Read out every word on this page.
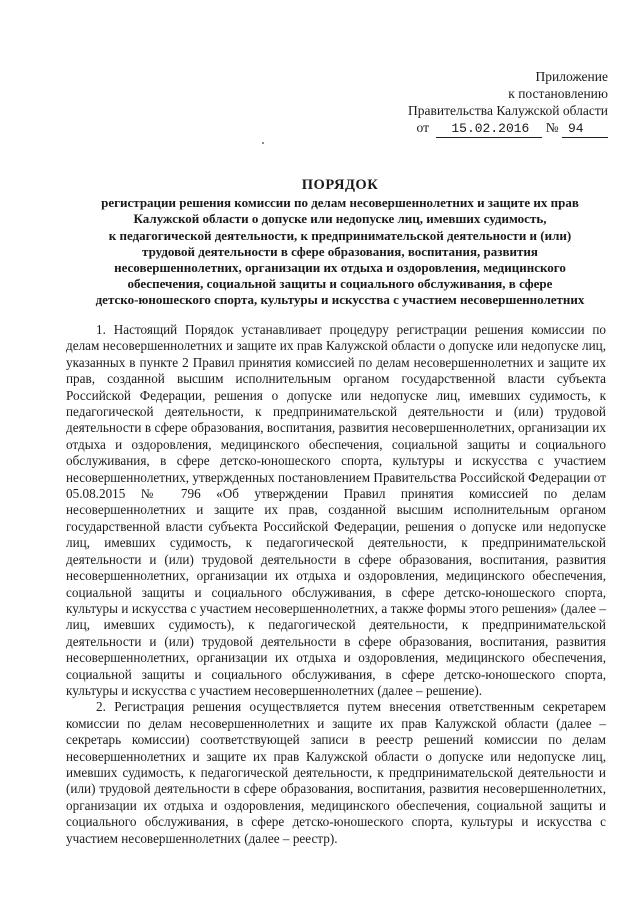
Приложение
к постановлению
Правительства Калужской области
от 15.02.2016 № 94
ПОРЯДОК
регистрации решения комиссии по делам несовершеннолетних и защите их прав
Калужской области о допуске или недопуске лиц, имевших судимость,
к педагогической деятельности, к предпринимательской деятельности и (или)
трудовой деятельности в сфере образования, воспитания, развития
несовершеннолетних, организации их отдыха и оздоровления, медицинского
обеспечения, социальной защиты и социального обслуживания, в сфере
детско-юношеского спорта, культуры и искусства с участием несовершеннолетних

1. Настоящий Порядок устанавливает процедуру регистрации решения комиссии по делам несовершеннолетних и защите их прав Калужской области о допуске или недопуске лиц, указанных в пункте 2 Правил принятия комиссией по делам несовершеннолетних и защите их прав, созданной высшим исполнительным органом государственной власти субъекта Российской Федерации, решения о допуске или недопуске лиц, имевших судимость, к педагогической деятельности, к предпринимательской деятельности и (или) трудовой деятельности в сфере образования, воспитания, развития несовершеннолетних, организации их отдыха и оздоровления, медицинского обеспечения, социальной защиты и социального обслуживания, в сфере детско-юношеского спорта, культуры и искусства с участием несовершеннолетних, утвержденных постановлением Правительства Российской Федерации от 05.08.2015 № 796 «Об утверждении Правил принятия комиссией по делам несовершеннолетних и защите их прав, созданной высшим исполнительным органом государственной власти субъекта Российской Федерации, решения о допуске или недопуске лиц, имевших судимость, к педагогической деятельности, к предпринимательской деятельности и (или) трудовой деятельности в сфере образования, воспитания, развития несовершеннолетних, организации их отдыха и оздоровления, медицинского обеспечения, социальной защиты и социального обслуживания, в сфере детско-юношеского спорта, культуры и искусства с участием несовершеннолетних, а также формы этого решения» (далее – лиц, имевших судимость), к педагогической деятельности, к предпринимательской деятельности и (или) трудовой деятельности в сфере образования, воспитания, развития несовершеннолетних, организации их отдыха и оздоровления, медицинского обеспечения, социальной защиты и социального обслуживания, в сфере детско-юношеского спорта, культуры и искусства с участием несовершеннолетних (далее – решение).

2. Регистрация решения осуществляется путем внесения ответственным секретарем комиссии по делам несовершеннолетних и защите их прав Калужской области (далее – секретарь комиссии) соответствующей записи в реестр решений комиссии по делам несовершеннолетних и защите их прав Калужской области о допуске или недопуске лиц, имевших судимость, к педагогической деятельности, к предпринимательской деятельности и (или) трудовой деятельности в сфере образования, воспитания, развития несовершеннолетних, организации их отдыха и оздоровления, медицинского обеспечения, социальной защиты и социального обслуживания, в сфере детско-юношеского спорта, культуры и искусства с участием несовершеннолетних (далее – реестр).
